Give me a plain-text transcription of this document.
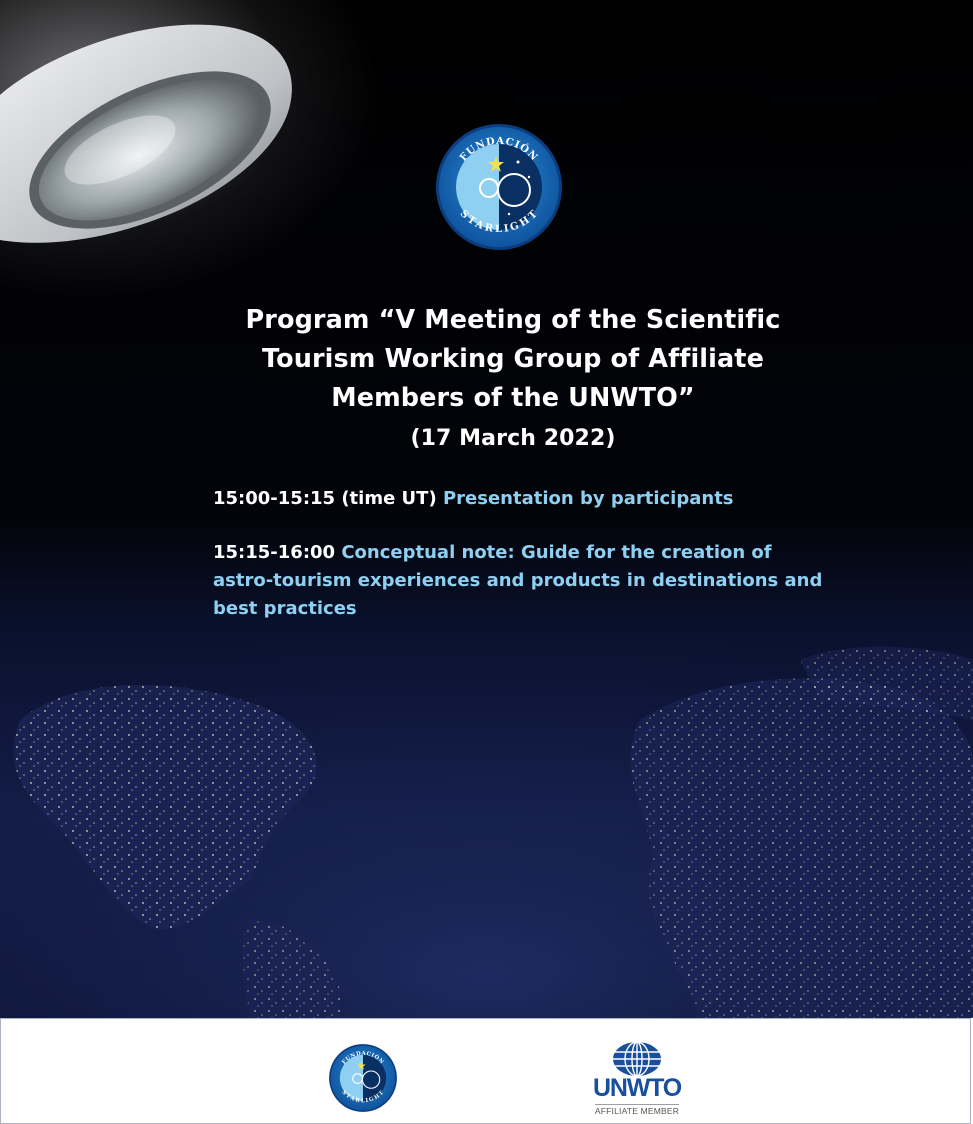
FUNDACIÓN
STARLIGHT
Program “V Meeting of the Scientific
Tourism Working Group of Affiliate
Members of the UNWTO”
(17 March 2022)
15:00-15:15 (time UT) Presentation by participants
15:15-16:00 Conceptual note: Guide for the creation of astro-tourism experiences and products in destinations and best practices
FUNDACIÓN
STARLIGHT	UNWTO
AFFILIATE MEMBER
